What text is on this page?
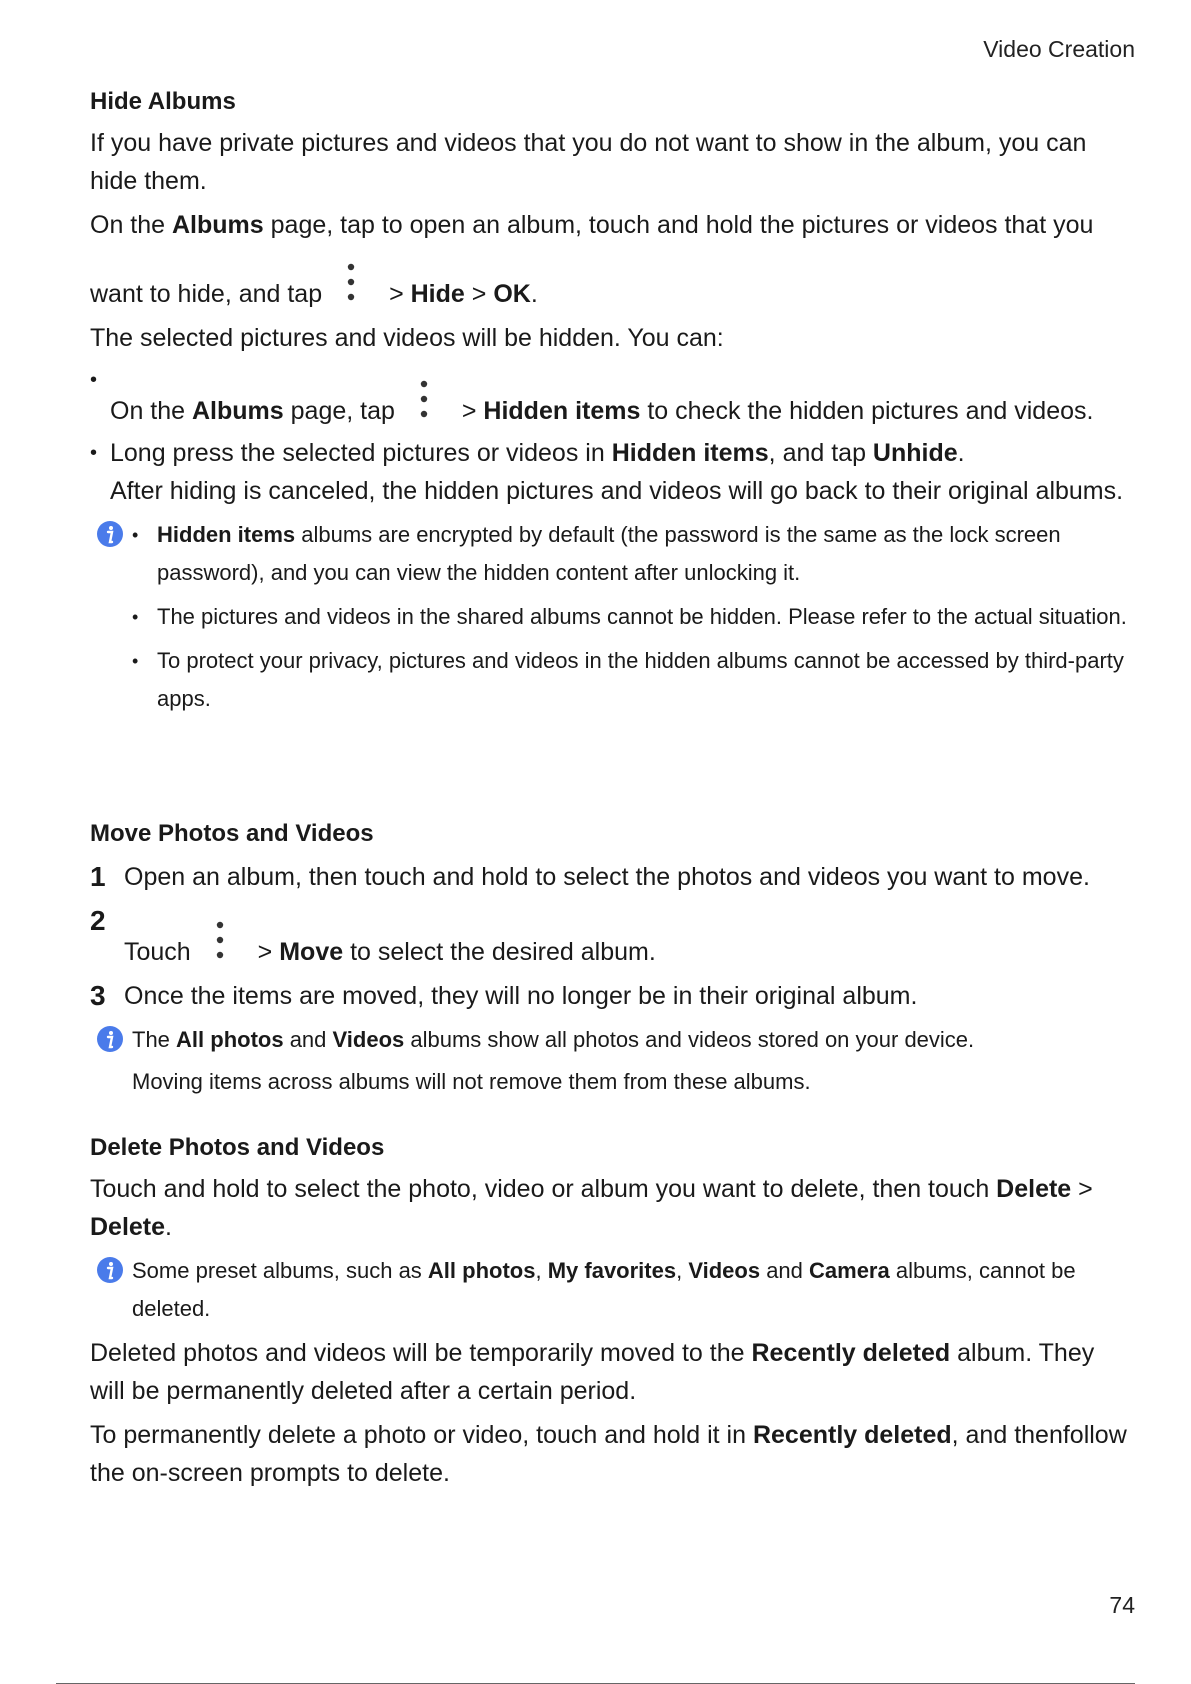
Video Creation
Hide Albums

If you have private pictures and videos that you do not want to show in the album, you can hide them.

On the Albums page, tap to open an album, touch and hold the pictures or videos that you want to hide, and tap
> Hide > OK.

The selected pictures and videos will be hidden. You can:

• On the Albums page, tap
> Hidden items to check the hidden pictures and videos.
• Long press the selected pictures or videos in Hidden items, and tap Unhide.
After hiding is canceled, the hidden pictures and videos will go back to their original albums.
• Hidden items albums are encrypted by default (the password is the same as the lock screen password), and you can view the hidden content after unlocking it.
• The pictures and videos in the shared albums cannot be hidden. Please refer to the actual situation.
• To protect your privacy, pictures and videos in the hidden albums cannot be accessed by third-party apps.
Move Photos and Videos
1 Open an album, then touch and hold to select the photos and videos you want to move.
2
Touch
> Move to select the desired album.
3 Once the items are moved, they will no longer be in their original album.

The All photos and Videos albums show all photos and videos stored on your device.

Moving items across albums will not remove them from these albums.

Delete Photos and Videos

Touch and hold to select the photo, video or album you want to delete, then touch Delete > Delete.

Some preset albums, such as All photos, My favorites, Videos and Camera albums, cannot be deleted.

Deleted photos and videos will be temporarily moved to the Recently deleted album. They will be permanently deleted after a certain period.

To permanently delete a photo or video, touch and hold it in Recently deleted, and thenfollow the on-screen prompts to delete.

74
